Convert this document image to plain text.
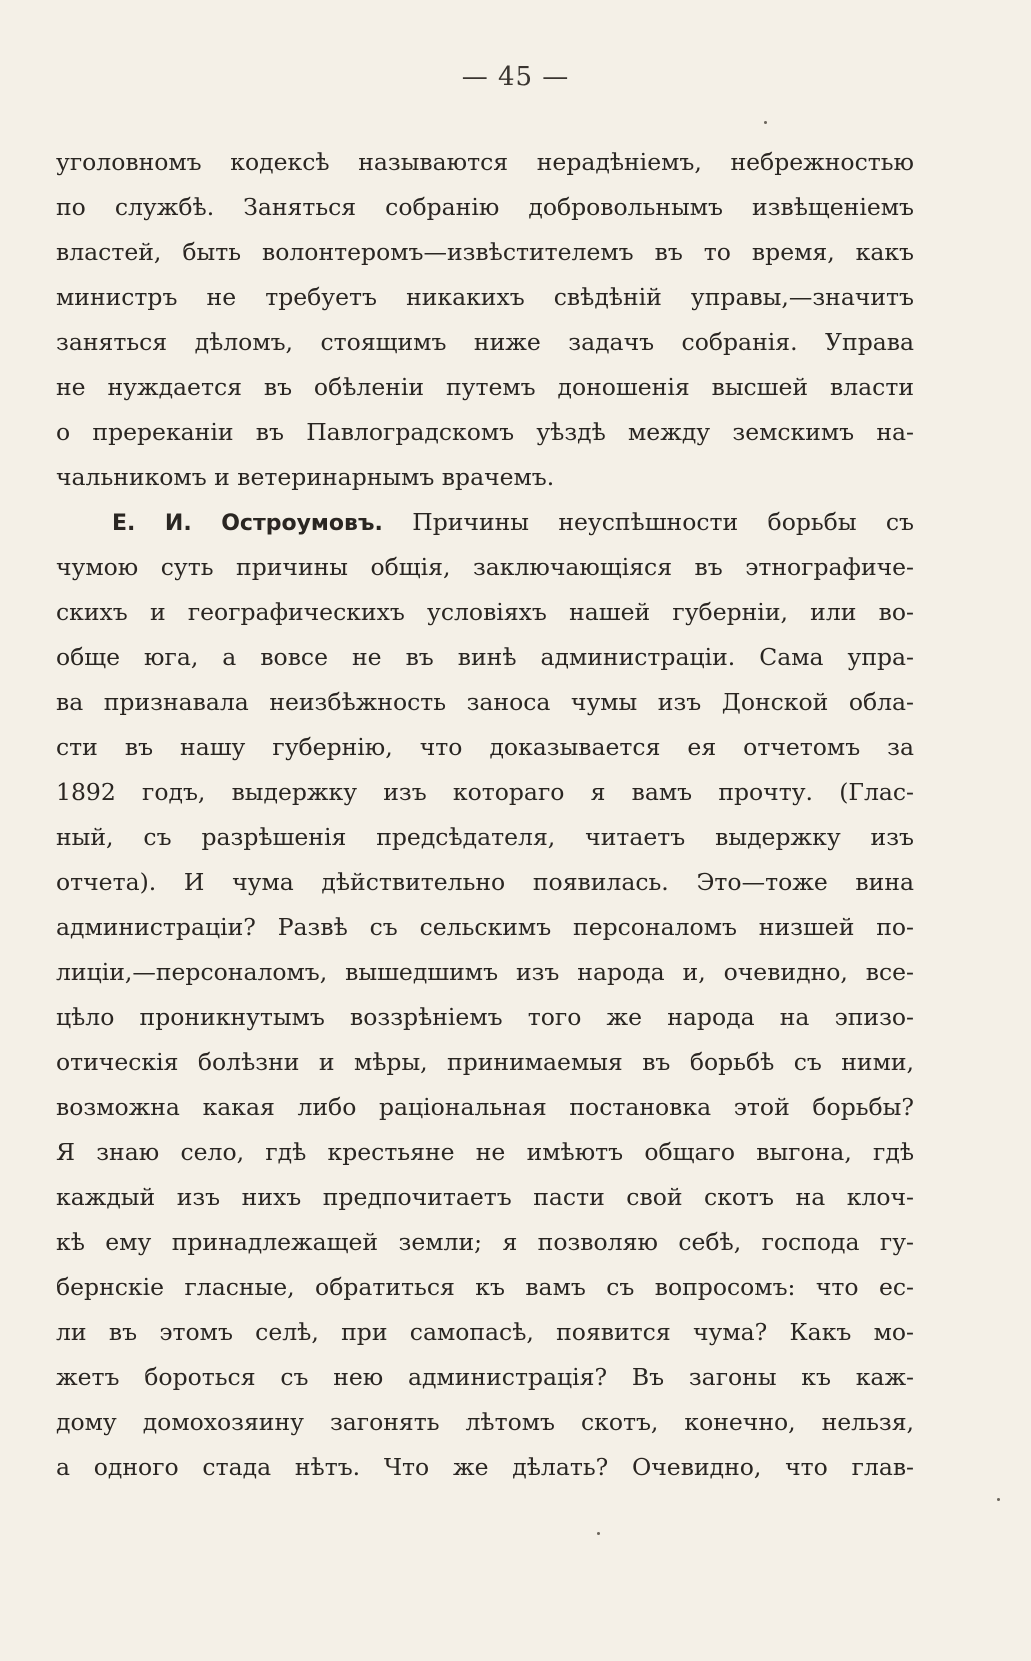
— 45 —
уголовномъ кодексѣ называются нерадѣніемъ, небрежностью
по службѣ. Заняться собранію добровольнымъ извѣщеніемъ
властей, быть волонтеромъ—извѣстителемъ въ то время, какъ
министръ не требуетъ никакихъ свѣдѣній управы,—значитъ
заняться дѣломъ, стоящимъ ниже задачъ собранія. Управа
не нуждается въ обѣленіи путемъ доношенія высшей власти
о пререканіи въ Павлоградскомъ уѣздѣ между земскимъ на-
чальникомъ и ветеринарнымъ врачемъ.
Е. И. Остроумовъ. Причины неуспѣшности борьбы съ
чумою суть причины общія, заключающіяся въ этнографиче-
скихъ и географическихъ условіяхъ нашей губерніи, или во-
обще юга, а вовсе не въ винѣ администраціи. Сама упра-
ва признавала неизбѣжность заноса чумы изъ Донской обла-
сти въ нашу губернію, что доказывается ея отчетомъ за
1892 годъ, выдержку изъ котораго я вамъ прочту. (Глас-
ный, съ разрѣшенія предсѣдателя, читаетъ выдержку изъ
отчета). И чума дѣйствительно появилась. Это—тоже вина
администраціи? Развѣ съ сельскимъ персоналомъ низшей по-
лиціи,—персоналомъ, вышедшимъ изъ народа и, очевидно, все-
цѣло проникнутымъ воззрѣніемъ того же народа на эпизо-
отическія болѣзни и мѣры, принимаемыя въ борьбѣ съ ними,
возможна какая либо раціональная постановка этой борьбы?
Я знаю село, гдѣ крестьяне не имѣютъ общаго выгона, гдѣ
каждый изъ нихъ предпочитаетъ пасти свой скотъ на клоч-
кѣ ему принадлежащей земли; я позволяю себѣ, господа гу-
бернскіе гласные, обратиться къ вамъ съ вопросомъ: что ес-
ли въ этомъ селѣ, при самопасѣ, появится чума? Какъ мо-
жетъ бороться съ нею администрація? Въ загоны къ каж-
дому домохозяину загонять лѣтомъ скотъ, конечно, нельзя,
а одного стада нѣтъ. Что же дѣлать? Очевидно, что глав-
